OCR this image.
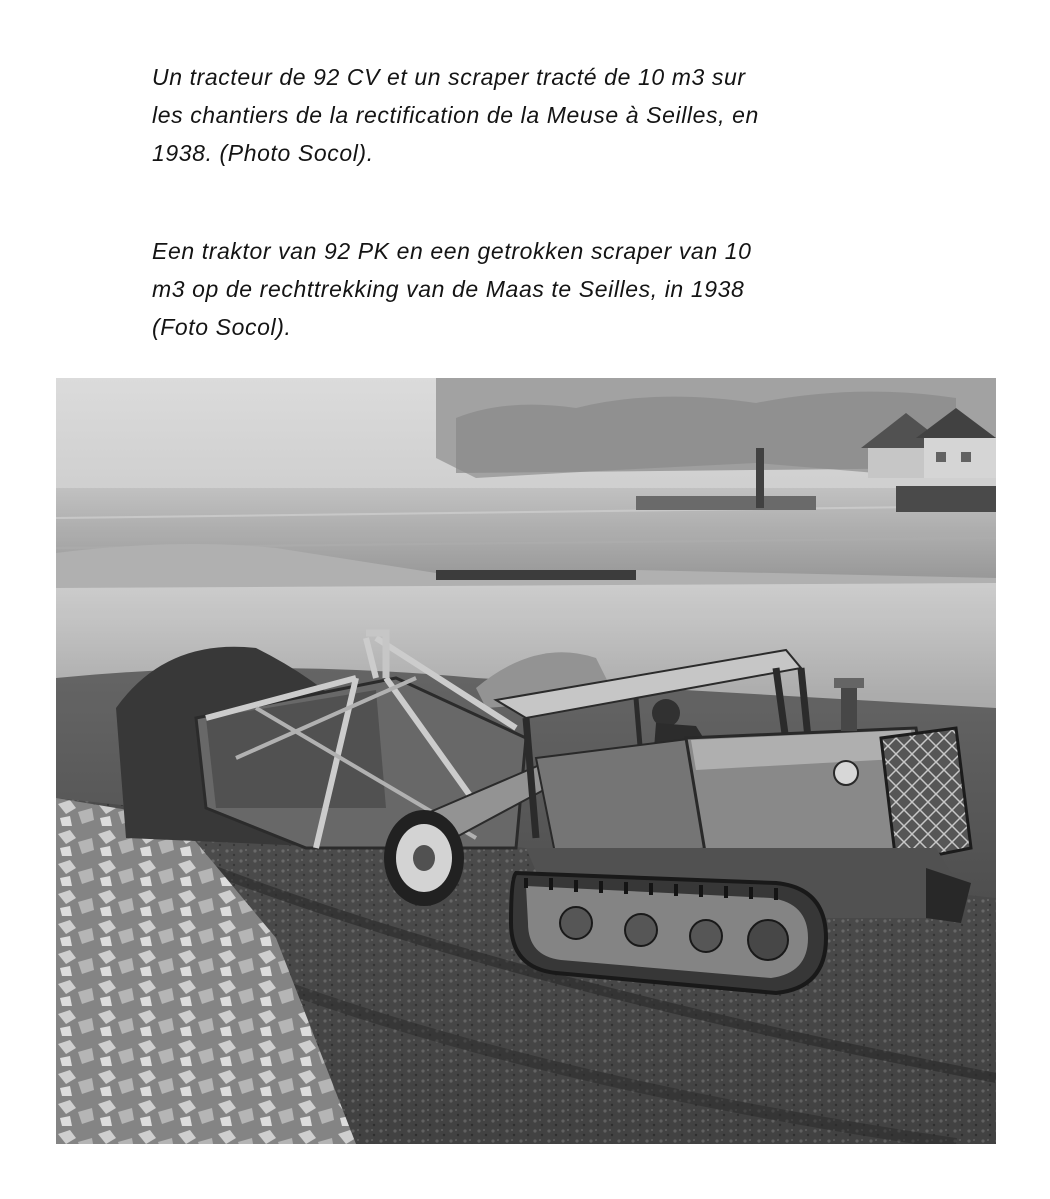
Un tracteur de 92 CV et un scraper tracté de 10 m3 sur
les chantiers de la rectification de la Meuse à Seilles, en
1938. (Photo Socol).

Een traktor van 92 PK en een getrokken scraper van 10
m3 op de rechttrekking van de Maas te Seilles, in 1938
(Foto Socol).
